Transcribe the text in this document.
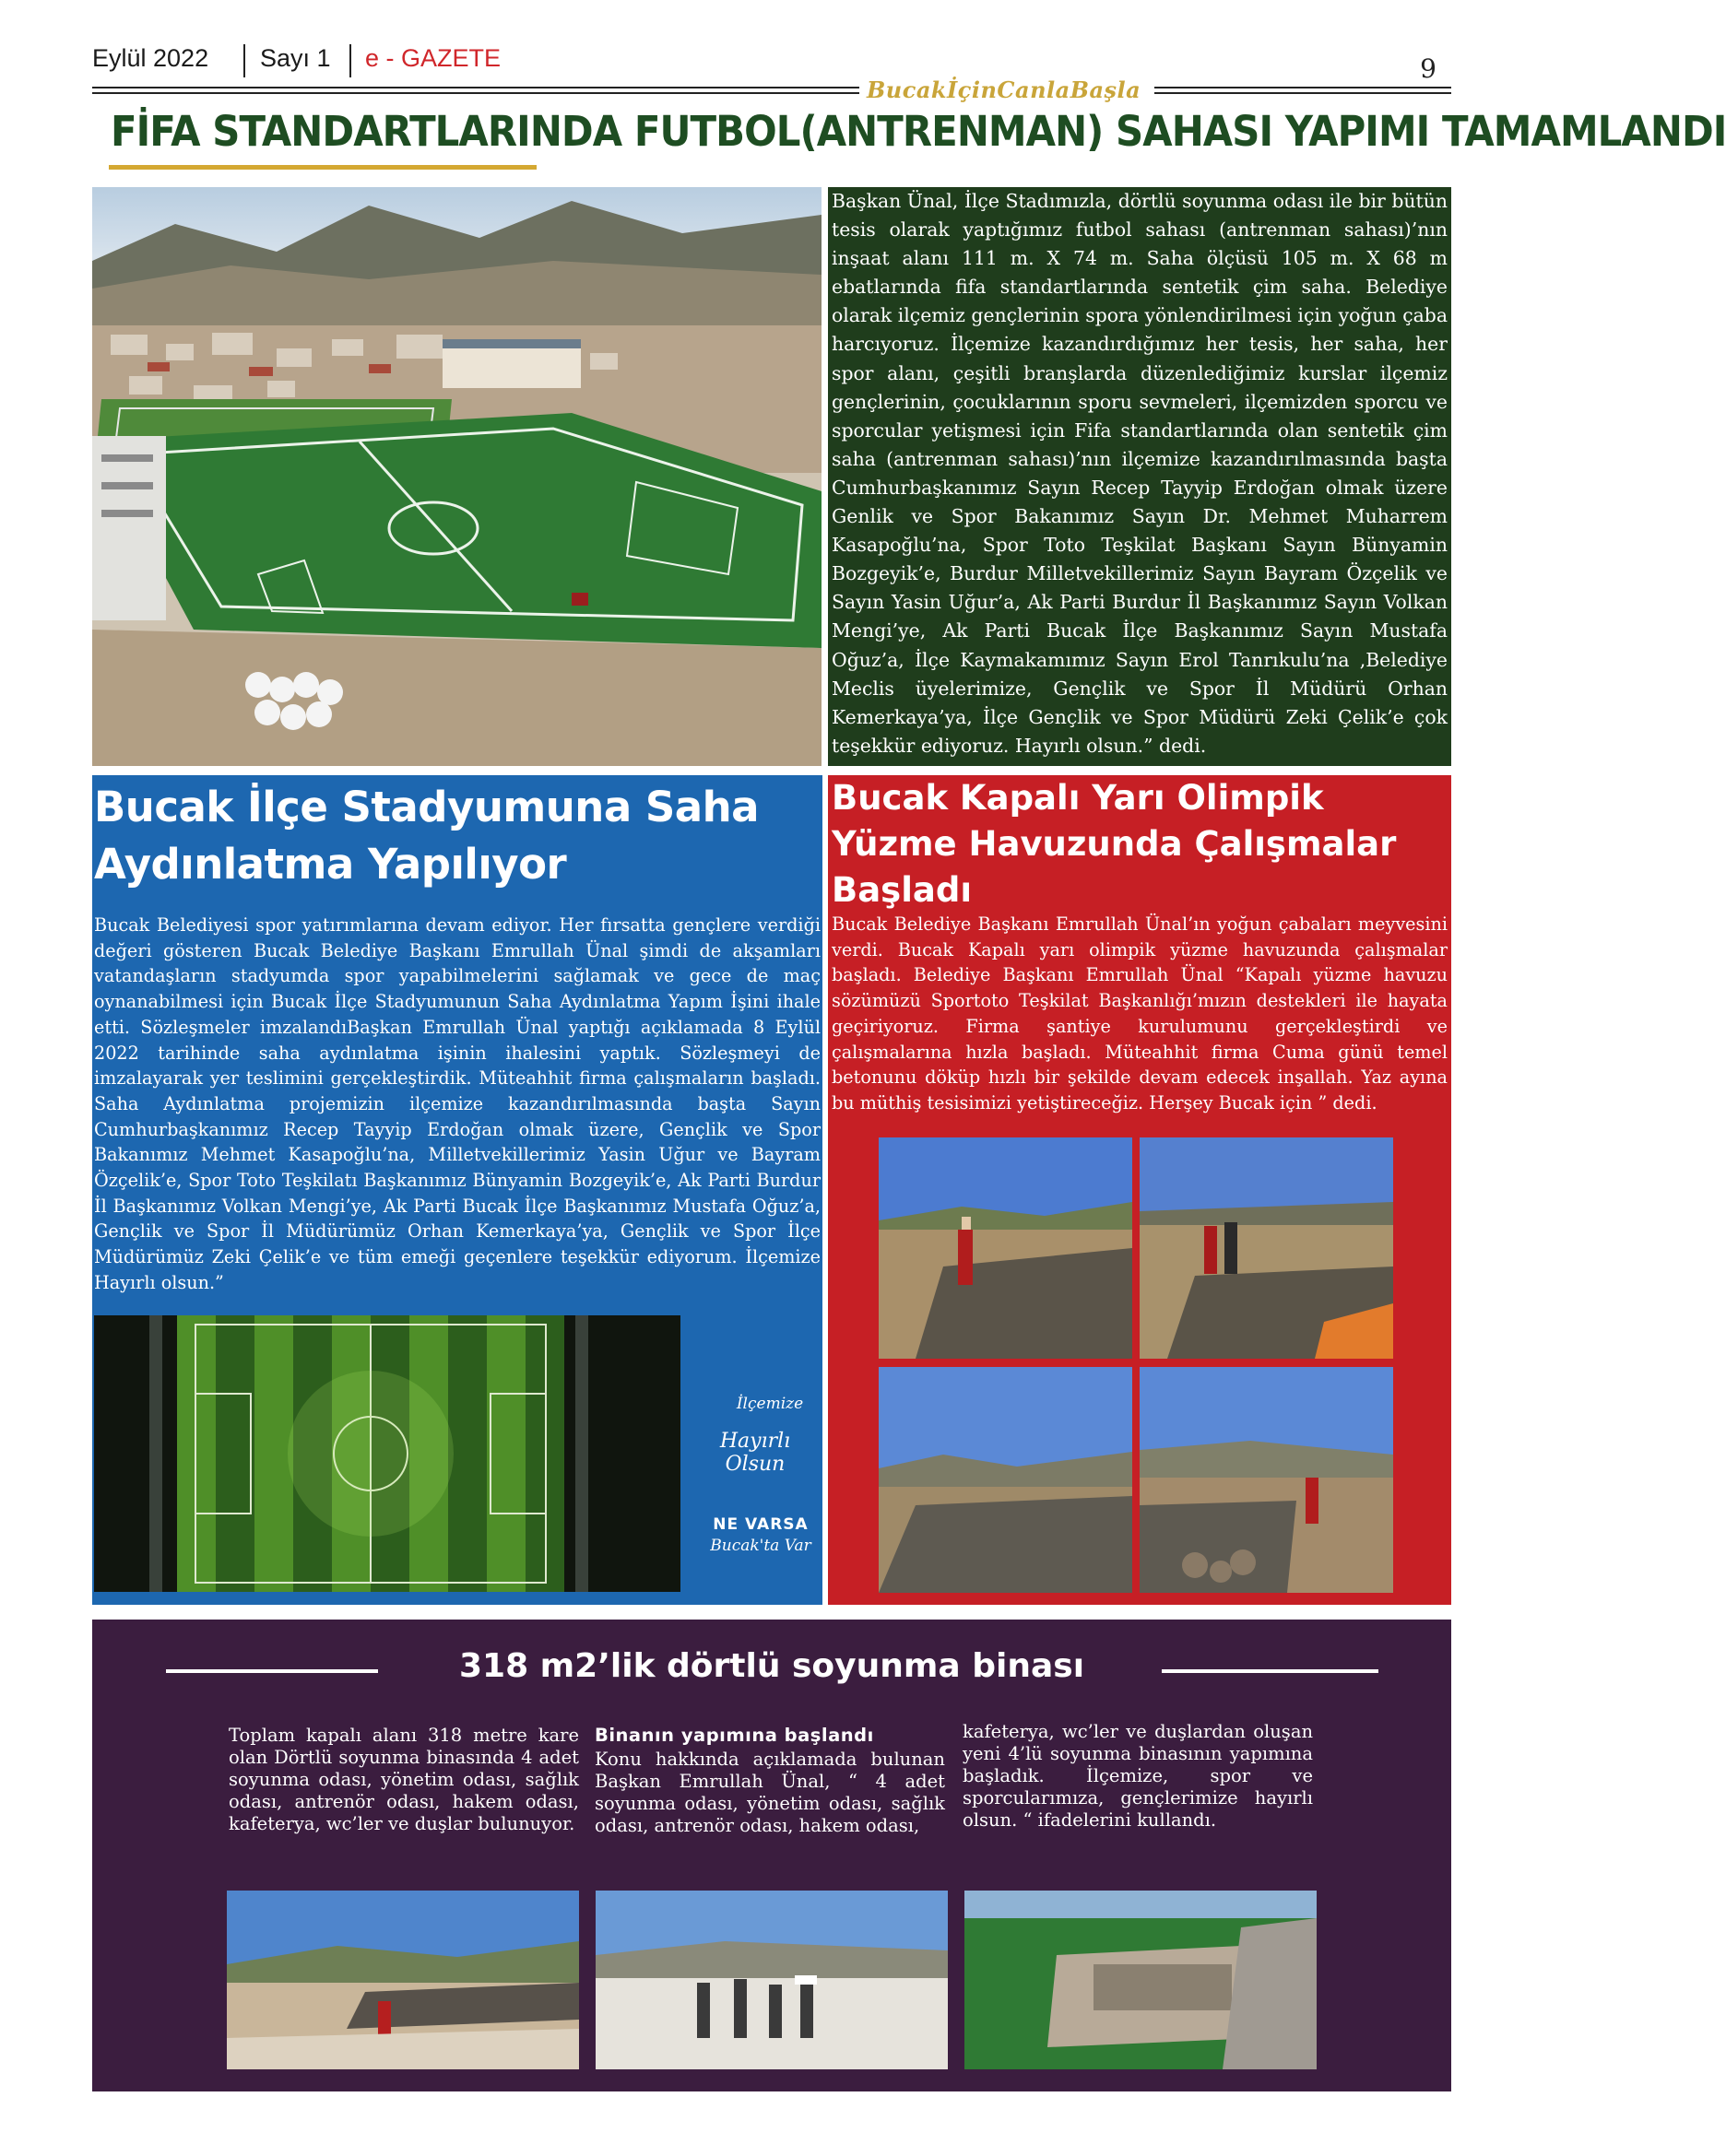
Eylül 2022 Sayı 1 e - GAZETE	9
BucakİçinCanlaBaşla
FİFA STANDARTLARINDA FUTBOL(ANTRENMAN) SAHASI YAPIMI TAMAMLANDI

Başkan Ünal, İlçe Stadımızla, dörtlü soyunma odası ile bir bütün tesis olarak yaptığımız futbol sahası (antrenman sahası)’nın inşaat alanı 111 m. X 74 m. Saha ölçüsü 105 m. X 68 m ebatlarında fifa standartlarında sentetik çim saha. Belediye olarak ilçemiz gençlerinin spora yönlendirilmesi için yoğun çaba harcıyoruz. İlçemize kazandırdığımız her tesis, her saha, her spor alanı, çeşitli branşlarda düzenlediğimiz kurslar ilçemiz gençlerinin, çocuklarının sporu sevmeleri, ilçemizden sporcu ve sporcular yetişmesi için Fifa standartlarında olan sentetik çim saha (antrenman sahası)’nın ilçemize kazandırılmasında başta Cumhurbaşkanımız Sayın Recep Tayyip Erdoğan olmak üzere Genlik ve Spor Bakanımız Sayın Dr. Mehmet Muharrem Kasapoğlu’na, Spor Toto Teşkilat Başkanı Sayın Bünyamin Bozgeyik’e, Burdur Milletvekillerimiz Sayın Bayram Özçelik ve Sayın Yasin Uğur’a, Ak Parti Burdur İl Başkanımız Sayın Volkan Mengi’ye, Ak Parti Bucak İlçe Başkanımız Sayın Mustafa Oğuz’a, İlçe Kaymakamımız Sayın Erol Tanrıkulu’na ,Belediye Meclis üyelerimize, Gençlik ve Spor İl Müdürü Orhan Kemerkaya’ya, İlçe Gençlik ve Spor Müdürü Zeki Çelik’e çok teşekkür ediyoruz. Hayırlı olsun.” dedi.

Bucak İlçe Stadyumuna Saha Aydınlatma Yapılıyor

Bucak Belediyesi spor yatırımlarına devam ediyor. Her fırsatta gençlere verdiği değeri gösteren Bucak Belediye Başkanı Emrullah Ünal şimdi de akşamları vatandaşların stadyumda spor yapabilmelerini sağlamak ve gece de maç oynanabilmesi için Bucak İlçe Stadyumunun Saha Aydınlatma Yapım İşini ihale etti. Sözleşmeler imzalandıBaşkan Emrullah Ünal yaptığı açıklamada 8 Eylül 2022 tarihinde saha aydınlatma işinin ihalesini yaptık. Sözleşmeyi de imzalayarak yer teslimini gerçekleştirdik. Müteahhit firma çalışmaların başladı. Saha Aydınlatma projemizin ilçemize kazandırılmasında başta Sayın Cumhurbaşkanımız Recep Tayyip Erdoğan olmak üzere, Gençlik ve Spor Bakanımız Mehmet Kasapoğlu’na, Milletvekillerimiz Yasin Uğur ve Bayram Özçelik’e, Spor Toto Teşkilatı Başkanımız Bünyamin Bozgeyik’e, Ak Parti Burdur İl Başkanımız Volkan Mengi’ye, Ak Parti Bucak İlçe Başkanımız Mustafa Oğuz’a, Gençlik ve Spor İl Müdürümüz Orhan Kemerkaya’ya, Gençlik ve Spor İlçe Müdürümüz Zeki Çelik’e ve tüm emeği geçenlere teşekkür ediyorum. İlçemize Hayırlı olsun.”

İlçemize
Hayırlı Olsun
NE VARSA
Bucak'ta Var
Bucak Kapalı Yarı Olimpik Yüzme Havuzunda Çalışmalar Başladı

Bucak Belediye Başkanı Emrullah Ünal’ın yoğun çabaları meyvesini verdi. Bucak Kapalı yarı olimpik yüzme havuzunda çalışmalar başladı. Belediye Başkanı Emrullah Ünal “Kapalı yüzme havuzu sözümüzü Sportoto Teşkilat Başkanlığı’mızın destekleri ile hayata geçiriyoruz. Firma şantiye kurulumunu gerçekleştirdi ve çalışmalarına hızla başladı. Müteahhit firma Cuma günü temel betonunu döküp hızlı bir şekilde devam edecek inşallah. Yaz ayına bu müthiş tesisimizi yetiştireceğiz. Herşey Bucak için ” dedi.

318 m2’lik dörtlü soyunma binası

Toplam kapalı alanı 318 metre kare olan Dörtlü soyunma binasında 4 adet soyunma odası, yönetim odası, sağlık odası, antrenör odası, hakem odası, kafeterya, wc’ler ve duşlar bulunuyor.

Binanın yapımına başlandı

Konu hakkında açıklamada bulunan Başkan Emrullah Ünal, “ 4 adet soyunma odası, yönetim odası, sağlık odası, antrenör odası, hakem odası,

kafeterya, wc’ler ve duşlardan oluşan yeni 4’lü soyunma binasının yapımına başladık. İlçemize, spor ve sporcularımıza, gençlerimize hayırlı olsun. “ ifadelerini kullandı.
